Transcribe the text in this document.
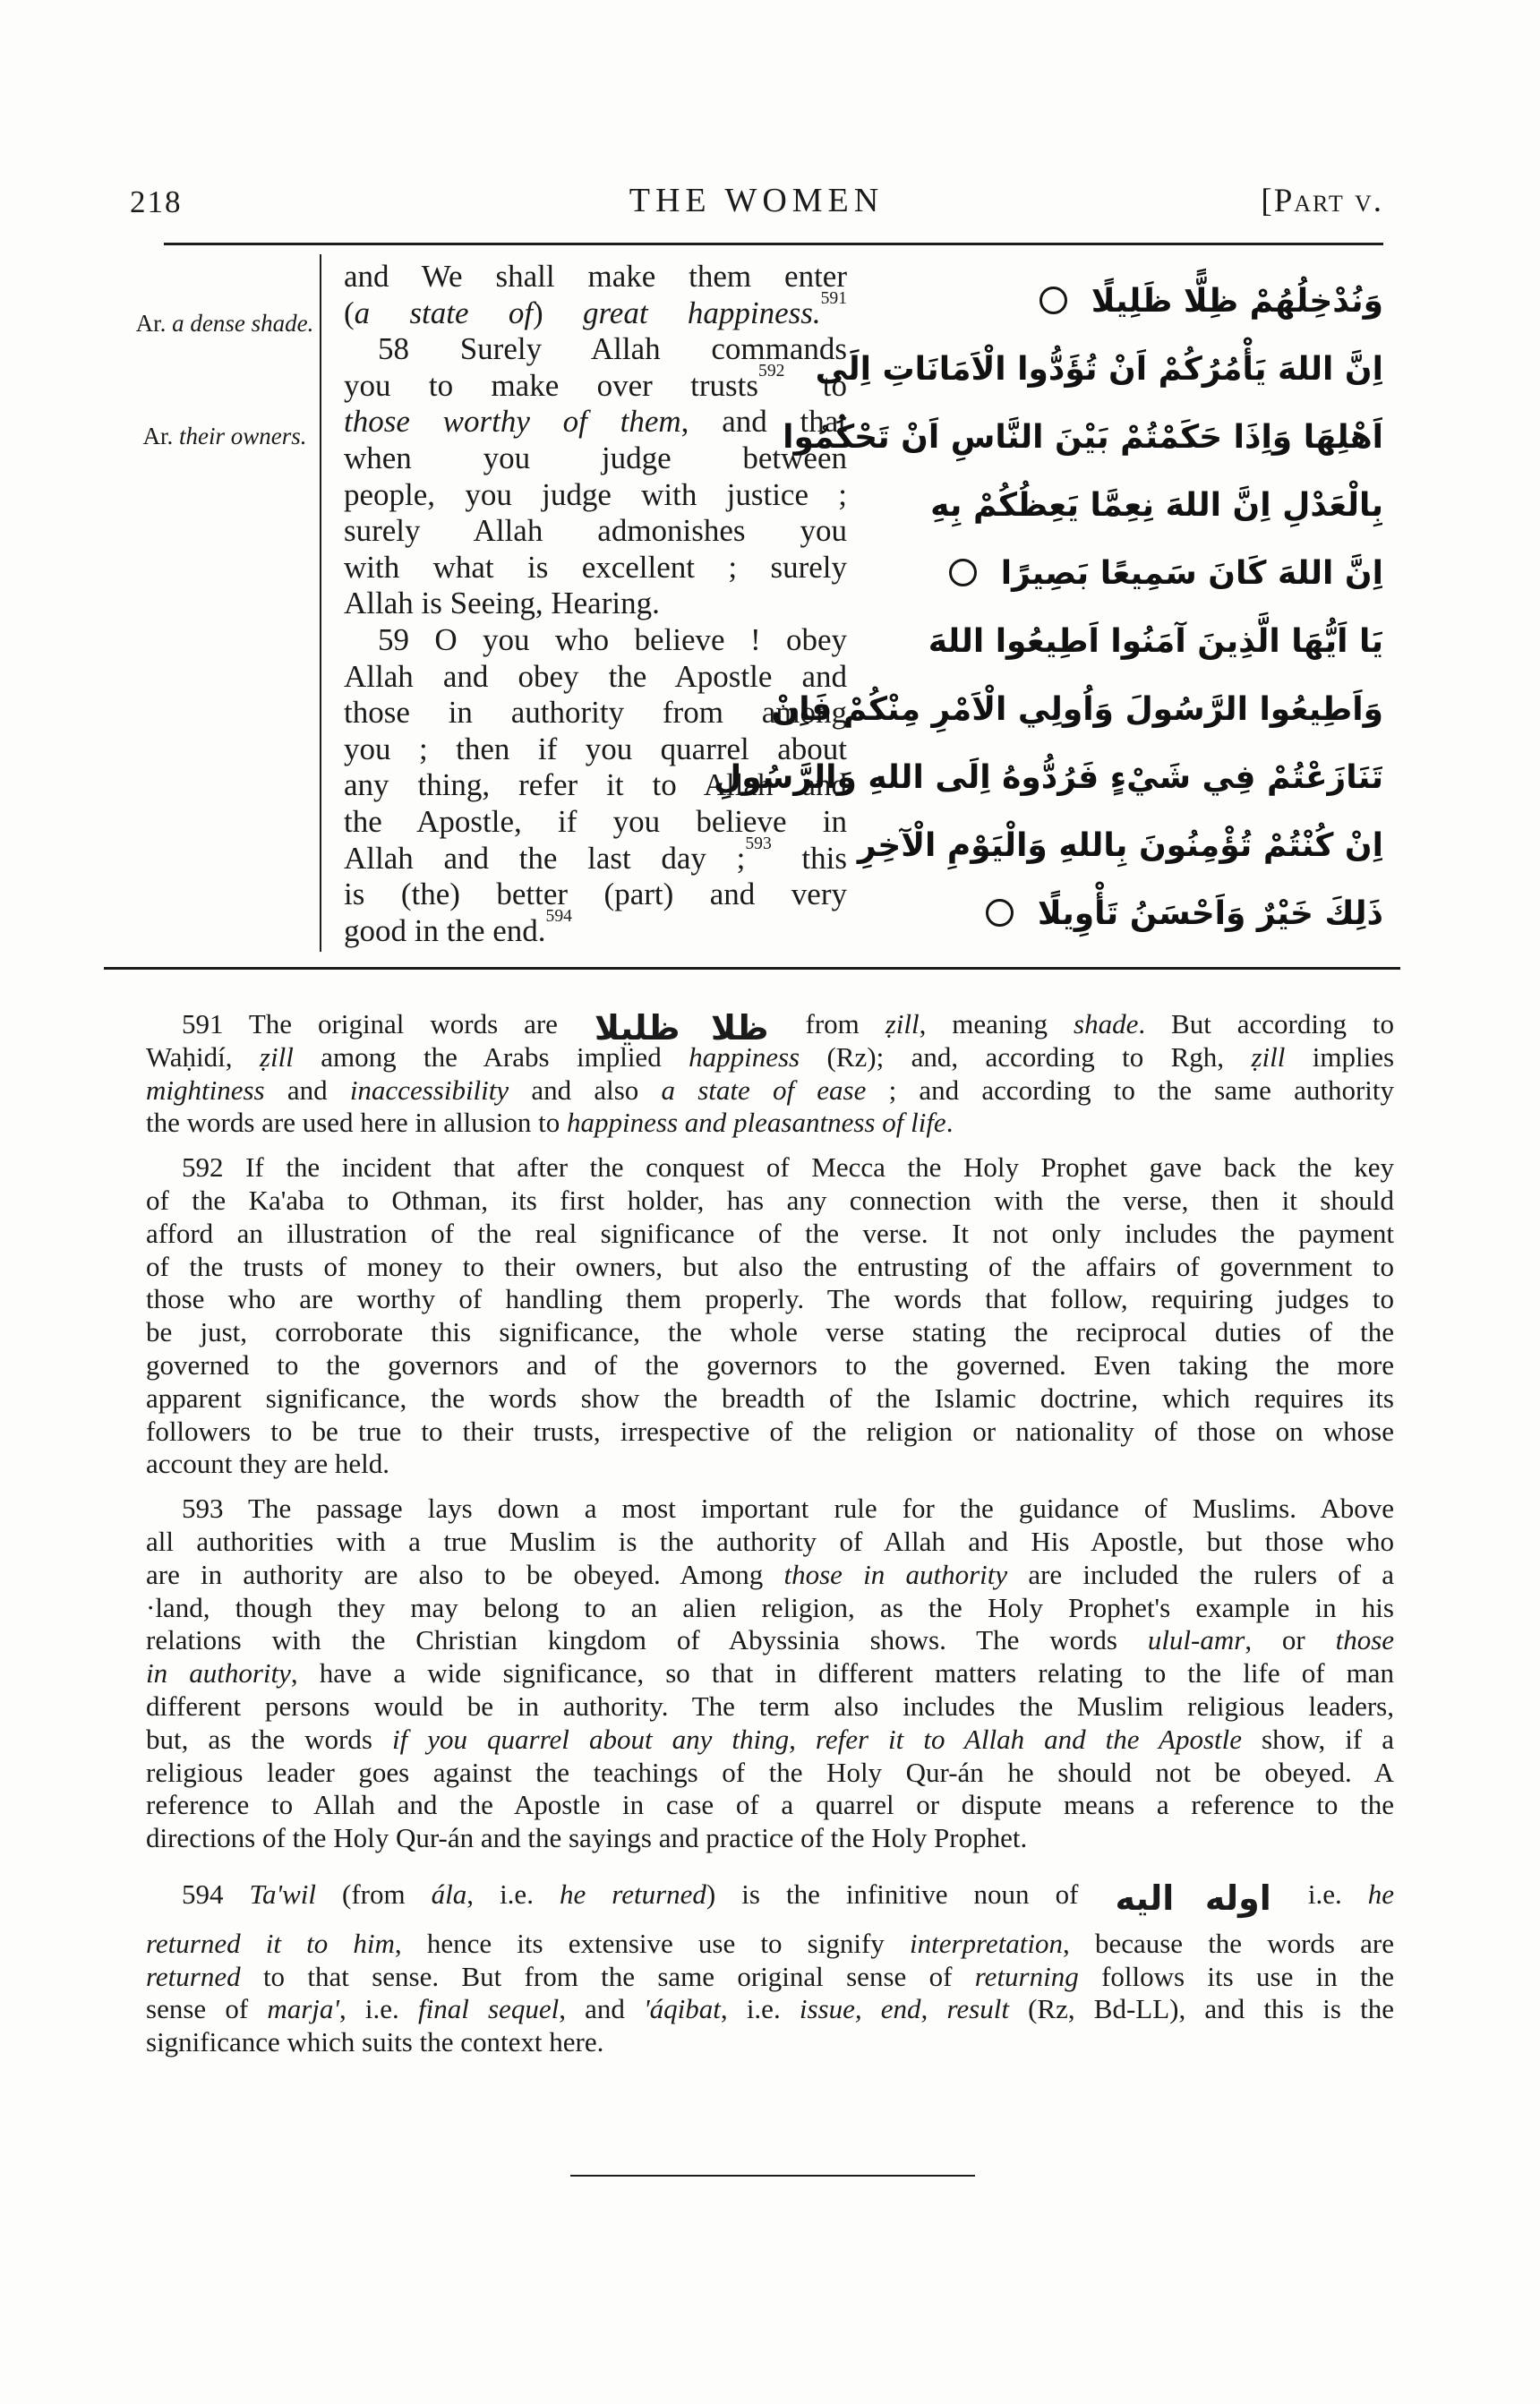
218	THE WOMEN	[Part v.
Ar. a dense shade.
Ar. their owners.
and We shall make them enter
(a state of) great happiness.$^{591}$
58 Surely Allah commands
you to make over trusts$^{592}$ to
those worthy of them, and that
when you judge between
people, you judge with justice ;
surely Allah admonishes you
with what is excellent ; surely
Allah is Seeing, Hearing.
59 O you who believe ! obey
Allah and obey the Apostle and
those in authority from among
you ; then if you quarrel about
any thing, refer it to Allah and
the Apostle, if you believe in
Allah and the last day ;$^{593}$ this
is (the) better (part) and very
good in the end.$^{594}$
وَنُدْخِلُهُمْ ظِلًّا ظَلِيلًا
اِنَّ اللهَ يَأْمُرُكُمْ اَنْ تُؤَدُّوا الْاَمَانَاتِ اِلَى
اَهْلِهَا وَاِذَا حَكَمْتُمْ بَيْنَ النَّاسِ اَنْ تَحْكُمُوا
بِالْعَدْلِ اِنَّ اللهَ نِعِمَّا يَعِظُكُمْ بِهِ
اِنَّ اللهَ كَانَ سَمِيعًا بَصِيرًا
يَا اَيُّهَا الَّذِينَ آمَنُوا اَطِيعُوا اللهَ
وَاَطِيعُوا الرَّسُولَ وَاُولِي الْاَمْرِ مِنْكُمْ فَاِنْ
تَنَازَعْتُمْ فِي شَيْءٍ فَرُدُّوهُ اِلَى اللهِ وَالرَّسُولِ
اِنْ كُنْتُمْ تُؤْمِنُونَ بِاللهِ وَالْيَوْمِ الْآخِرِ
ذَلِكَ خَيْرٌ وَاَحْسَنُ تَأْوِيلًا
591 The original words are ظلا ظليلا from ẓill, meaning shade. But according to
Waḥidí, ẓill among the Arabs implied happiness (Rz); and, according to Rgh, ẓill implies
mightiness and inaccessibility and also a state of ease ; and according to the same authority
the words are used here in allusion to happiness and pleasantness of life.
592 If the incident that after the conquest of Mecca the Holy Prophet gave back the key
of the Ka'aba to Othman, its first holder, has any connection with the verse, then it should
afford an illustration of the real significance of the verse. It not only includes the payment
of the trusts of money to their owners, but also the entrusting of the affairs of government to
those who are worthy of handling them properly. The words that follow, requiring judges to
be just, corroborate this significance, the whole verse stating the reciprocal duties of the
governed to the governors and of the governors to the governed. Even taking the more
apparent significance, the words show the breadth of the Islamic doctrine, which requires its
followers to be true to their trusts, irrespective of the religion or nationality of those on whose
account they are held.
593 The passage lays down a most important rule for the guidance of Muslims. Above
all authorities with a true Muslim is the authority of Allah and His Apostle, but those who
are in authority are also to be obeyed. Among those in authority are included the rulers of a
·land, though they may belong to an alien religion, as the Holy Prophet's example in his
relations with the Christian kingdom of Abyssinia shows. The words ulul-amr, or those
in authority, have a wide significance, so that in different matters relating to the life of man
different persons would be in authority. The term also includes the Muslim religious leaders,
but, as the words if you quarrel about any thing, refer it to Allah and the Apostle show, if a
religious leader goes against the teachings of the Holy Qur-án he should not be obeyed. A
reference to Allah and the Apostle in case of a quarrel or dispute means a reference to the
directions of the Holy Qur-án and the sayings and practice of the Holy Prophet.
594 Ta'wil (from ála, i.e. he returned) is the infinitive noun of اوله اليه i.e. he
returned it to him, hence its extensive use to signify interpretation, because the words are
returned to that sense. But from the same original sense of returning follows its use in the
sense of marja', i.e. final sequel, and 'áqibat, i.e. issue, end, result (Rz, Bd-LL), and this is the
significance which suits the context here.
